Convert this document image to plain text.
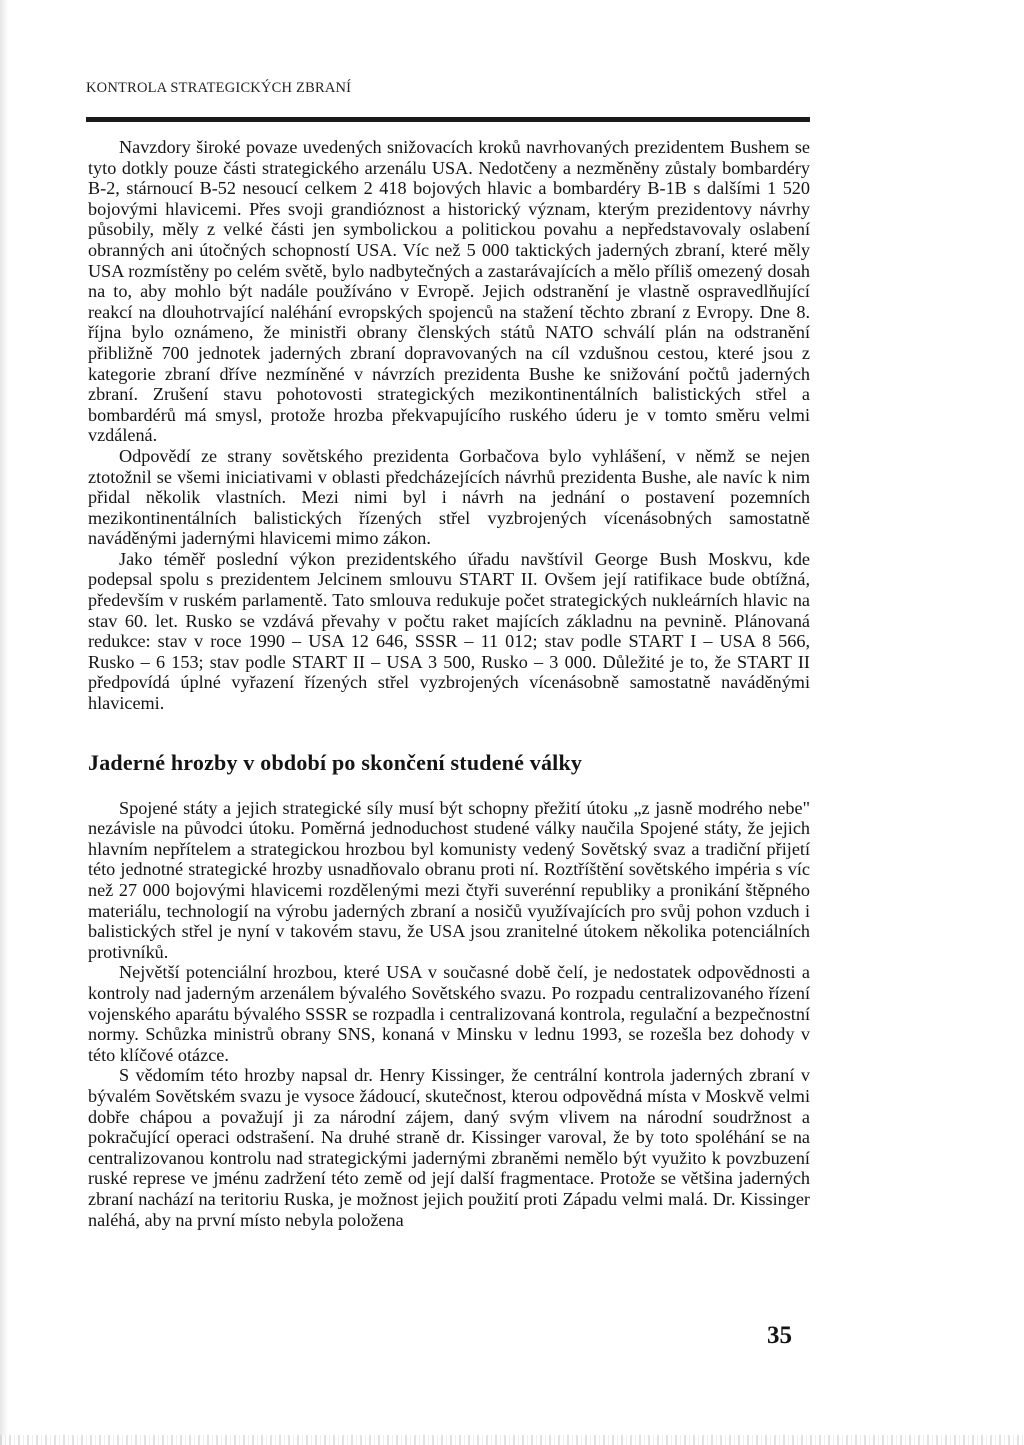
KONTROLA STRATEGICKÝCH ZBRANÍ

Navzdory široké povaze uvedených snižovacích kroků navrhovaných prezidentem Bushem se tyto dotkly pouze části strategického arzenálu USA. Nedotčeny a nezměněny zůstaly bombardéry B-2, stárnoucí B-52 nesoucí celkem 2 418 bojových hlavic a bombardéry B-1B s dalšími 1 520 bojovými hlavicemi. Přes svoji grandióznost a historický význam, kterým prezidentovy návrhy působily, měly z velké části jen symbolickou a politickou povahu a nepředstavovaly oslabení obranných ani útočných schopností USA. Víc než 5 000 taktických jaderných zbraní, které měly USA rozmístěny po celém světě, bylo nadbytečných a zastarávajících a mělo příliš omezený dosah na to, aby mohlo být nadále používáno v Evropě. Jejich odstranění je vlastně ospravedlňující reakcí na dlouhotrvající naléhání evropských spojenců na stažení těchto zbraní z Evropy. Dne 8. října bylo oznámeno, že ministři obrany členských států NATO schválí plán na odstranění přibližně 700 jednotek jaderných zbraní dopravovaných na cíl vzdušnou cestou, které jsou z kategorie zbraní dříve nezmíněné v návrzích prezidenta Bushe ke snižování počtů jaderných zbraní. Zrušení stavu pohotovosti strategických mezikontinentálních balistických střel a bombardérů má smysl, protože hrozba překvapujícího ruského úderu je v tomto směru velmi vzdálená.

Odpovědí ze strany sovětského prezidenta Gorbačova bylo vyhlášení, v němž se nejen ztotožnil se všemi iniciativami v oblasti předcházejících návrhů prezidenta Bushe, ale navíc k nim přidal několik vlastních. Mezi nimi byl i návrh na jednání o postavení pozemních mezikontinentálních balistických řízených střel vyzbrojených vícenásobných samostatně naváděnými jadernými hlavicemi mimo zákon.

Jako téměř poslední výkon prezidentského úřadu navštívil George Bush Moskvu, kde podepsal spolu s prezidentem Jelcinem smlouvu START II. Ovšem její ratifikace bude obtížná, především v ruském parlamentě. Tato smlouva redukuje počet strategických nukleárních hlavic na stav 60. let. Rusko se vzdává převahy v počtu raket majících základnu na pevnině. Plánovaná redukce: stav v roce 1990 – USA 12 646, SSSR – 11 012; stav podle START I – USA 8 566, Rusko – 6 153; stav podle START II – USA 3 500, Rusko – 3 000. Důležité je to, že START II předpovídá úplné vyřazení řízených střel vyzbrojených vícenásobně samostatně naváděnými hlavicemi.

Jaderné hrozby v období po skončení studené války

Spojené státy a jejich strategické síly musí být schopny přežití útoku „z jasně modrého nebe" nezávisle na původci útoku. Poměrná jednoduchost studené války naučila Spojené státy, že jejich hlavním nepřítelem a strategickou hrozbou byl komunisty vedený Sovětský svaz a tradiční přijetí této jednotné strategické hrozby usnadňovalo obranu proti ní. Roztříštění sovětského impéria s víc než 27 000 bojovými hlavicemi rozdělenými mezi čtyři suverénní republiky a pronikání štěpného materiálu, technologií na výrobu jaderných zbraní a nosičů využívajících pro svůj pohon vzduch i balistických střel je nyní v takovém stavu, že USA jsou zranitelné útokem několika potenciálních protivníků.

Největší potenciální hrozbou, které USA v současné době čelí, je nedostatek odpovědnosti a kontroly nad jaderným arzenálem bývalého Sovětského svazu. Po rozpadu centralizovaného řízení vojenského aparátu bývalého SSSR se rozpadla i centralizovaná kontrola, regulační a bezpečnostní normy. Schůzka ministrů obrany SNS, konaná v Minsku v lednu 1993, se rozešla bez dohody v této klíčové otázce.

S vědomím této hrozby napsal dr. Henry Kissinger, že centrální kontrola jaderných zbraní v bývalém Sovětském svazu je vysoce žádoucí, skutečnost, kterou odpovědná místa v Moskvě velmi dobře chápou a považují ji za národní zájem, daný svým vlivem na národní soudržnost a pokračující operaci odstrašení. Na druhé straně dr. Kissinger varoval, že by toto spoléhání se na centralizovanou kontrolu nad strategickými jadernými zbraněmi nemělo být využito k povzbuzení ruské represe ve jménu zadržení této země od její další fragmentace. Protože se většina jaderných zbraní nachází na teritoriu Ruska, je možnost jejich použití proti Západu velmi malá. Dr. Kissinger naléhá, aby na první místo nebyla položena

35
